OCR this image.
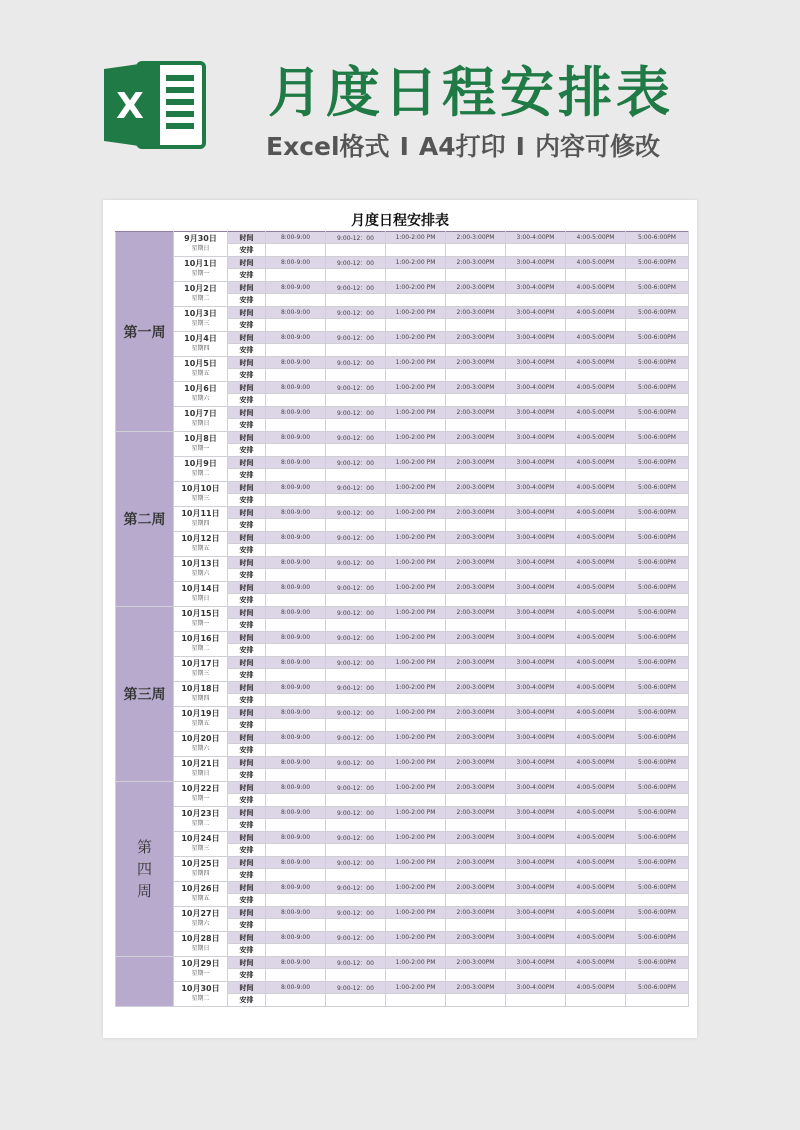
X 月度日程安排表
Excel格式 I A4打印 I 内容可修改
月度日程安排表
第一周	9月30日
星期日	时间	8:00-9:00	9:00-12：00	1:00-2:00 PM	2:00-3:00PM	3:00-4:00PM	4:00-5:00PM	5:00-6:00PM
		安排							

	10月1日
星期一	时间	8:00-9:00	9:00-12：00	1:00-2:00 PM	2:00-3:00PM	3:00-4:00PM	4:00-5:00PM	5:00-6:00PM
		安排							

	10月2日
星期二	时间	8:00-9:00	9:00-12：00	1:00-2:00 PM	2:00-3:00PM	3:00-4:00PM	4:00-5:00PM	5:00-6:00PM
		安排							

	10月3日
星期三	时间	8:00-9:00	9:00-12：00	1:00-2:00 PM	2:00-3:00PM	3:00-4:00PM	4:00-5:00PM	5:00-6:00PM
		安排							

	10月4日
星期四	时间	8:00-9:00	9:00-12：00	1:00-2:00 PM	2:00-3:00PM	3:00-4:00PM	4:00-5:00PM	5:00-6:00PM
		安排							

	10月5日
星期五	时间	8:00-9:00	9:00-12：00	1:00-2:00 PM	2:00-3:00PM	3:00-4:00PM	4:00-5:00PM	5:00-6:00PM
		安排							

	10月6日
星期六	时间	8:00-9:00	9:00-12：00	1:00-2:00 PM	2:00-3:00PM	3:00-4:00PM	4:00-5:00PM	5:00-6:00PM
		安排							

	10月7日
星期日	时间	8:00-9:00	9:00-12：00	1:00-2:00 PM	2:00-3:00PM	3:00-4:00PM	4:00-5:00PM	5:00-6:00PM
		安排							
第二周	10月8日
星期一	时间	8:00-9:00	9:00-12：00	1:00-2:00 PM	2:00-3:00PM	3:00-4:00PM	4:00-5:00PM	5:00-6:00PM
		安排							

	10月9日
星期二	时间	8:00-9:00	9:00-12：00	1:00-2:00 PM	2:00-3:00PM	3:00-4:00PM	4:00-5:00PM	5:00-6:00PM
		安排							

	10月10日
星期三	时间	8:00-9:00	9:00-12：00	1:00-2:00 PM	2:00-3:00PM	3:00-4:00PM	4:00-5:00PM	5:00-6:00PM
		安排							

	10月11日
星期四	时间	8:00-9:00	9:00-12：00	1:00-2:00 PM	2:00-3:00PM	3:00-4:00PM	4:00-5:00PM	5:00-6:00PM
		安排							

	10月12日
星期五	时间	8:00-9:00	9:00-12：00	1:00-2:00 PM	2:00-3:00PM	3:00-4:00PM	4:00-5:00PM	5:00-6:00PM
		安排							

	10月13日
星期六	时间	8:00-9:00	9:00-12：00	1:00-2:00 PM	2:00-3:00PM	3:00-4:00PM	4:00-5:00PM	5:00-6:00PM
		安排							

	10月14日
星期日	时间	8:00-9:00	9:00-12：00	1:00-2:00 PM	2:00-3:00PM	3:00-4:00PM	4:00-5:00PM	5:00-6:00PM
		安排							
第三周	10月15日
星期一	时间	8:00-9:00	9:00-12：00	1:00-2:00 PM	2:00-3:00PM	3:00-4:00PM	4:00-5:00PM	5:00-6:00PM
		安排							

	10月16日
星期二	时间	8:00-9:00	9:00-12：00	1:00-2:00 PM	2:00-3:00PM	3:00-4:00PM	4:00-5:00PM	5:00-6:00PM
		安排							

	10月17日
星期三	时间	8:00-9:00	9:00-12：00	1:00-2:00 PM	2:00-3:00PM	3:00-4:00PM	4:00-5:00PM	5:00-6:00PM
		安排							

	10月18日
星期四	时间	8:00-9:00	9:00-12：00	1:00-2:00 PM	2:00-3:00PM	3:00-4:00PM	4:00-5:00PM	5:00-6:00PM
		安排							

	10月19日
星期五	时间	8:00-9:00	9:00-12：00	1:00-2:00 PM	2:00-3:00PM	3:00-4:00PM	4:00-5:00PM	5:00-6:00PM
		安排							

	10月20日
星期六	时间	8:00-9:00	9:00-12：00	1:00-2:00 PM	2:00-3:00PM	3:00-4:00PM	4:00-5:00PM	5:00-6:00PM
		安排							

	10月21日
星期日	时间	8:00-9:00	9:00-12：00	1:00-2:00 PM	2:00-3:00PM	3:00-4:00PM	4:00-5:00PM	5:00-6:00PM
		安排							

第
四
周	10月22日
星期一	时间	8:00-9:00	9:00-12：00	1:00-2:00 PM	2:00-3:00PM	3:00-4:00PM	4:00-5:00PM	5:00-6:00PM
		安排							

	10月23日
星期二	时间	8:00-9:00	9:00-12：00	1:00-2:00 PM	2:00-3:00PM	3:00-4:00PM	4:00-5:00PM	5:00-6:00PM
		安排							

	10月24日
星期三	时间	8:00-9:00	9:00-12：00	1:00-2:00 PM	2:00-3:00PM	3:00-4:00PM	4:00-5:00PM	5:00-6:00PM
		安排							

	10月25日
星期四	时间	8:00-9:00	9:00-12：00	1:00-2:00 PM	2:00-3:00PM	3:00-4:00PM	4:00-5:00PM	5:00-6:00PM
		安排							

	10月26日
星期五	时间	8:00-9:00	9:00-12：00	1:00-2:00 PM	2:00-3:00PM	3:00-4:00PM	4:00-5:00PM	5:00-6:00PM
		安排							

	10月27日
星期六	时间	8:00-9:00	9:00-12：00	1:00-2:00 PM	2:00-3:00PM	3:00-4:00PM	4:00-5:00PM	5:00-6:00PM
		安排							

	10月28日
星期日	时间	8:00-9:00	9:00-12：00	1:00-2:00 PM	2:00-3:00PM	3:00-4:00PM	4:00-5:00PM	5:00-6:00PM
		安排							

	10月29日
星期一	时间	8:00-9:00	9:00-12：00	1:00-2:00 PM	2:00-3:00PM	3:00-4:00PM	4:00-5:00PM	5:00-6:00PM
		安排							

	10月30日
星期二	时间	8:00-9:00	9:00-12：00	1:00-2:00 PM	2:00-3:00PM	3:00-4:00PM	4:00-5:00PM	5:00-6:00PM
		安排							
